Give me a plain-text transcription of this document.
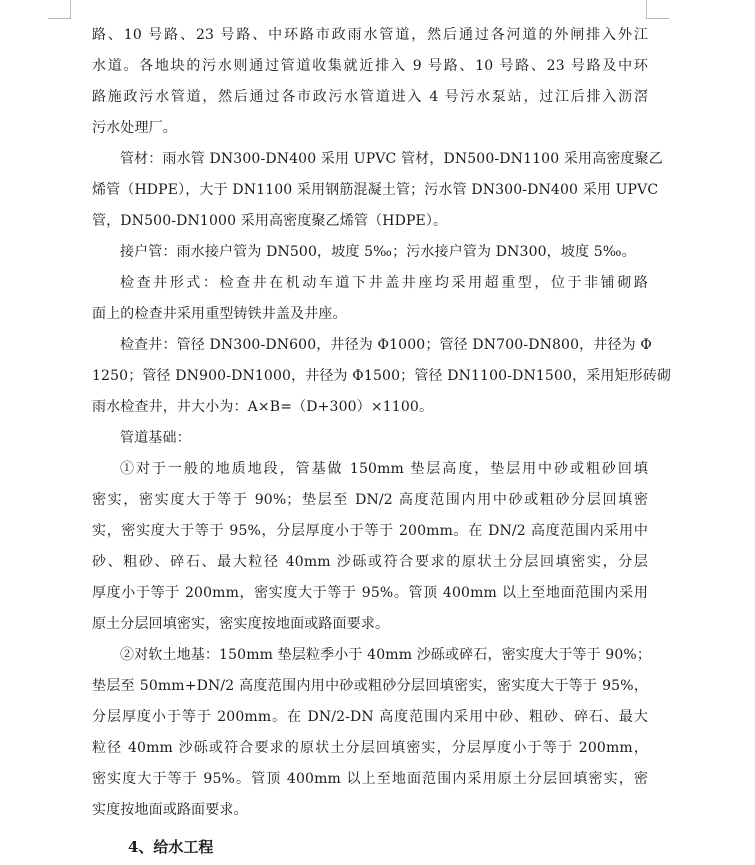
路、10 号路、23 号路、中环路市政雨水管道，然后通过各河道的外闸排入外江
水道。各地块的污水则通过管道收集就近排入 9 号路、10 号路、23 号路及中环
路施政污水管道，然后通过各市政污水管道进入 4 号污水泵站，过江后排入沥滘
污水处理厂。
管材：雨水管 DN300-DN400 采用 UPVC 管材，DN500-DN1100 采用高密度聚乙
烯管（HDPE），大于 DN1100 采用钢筋混凝土管；污水管 DN300-DN400 采用 UPVC
管，DN500-DN1000 采用高密度聚乙烯管（HDPE）。
接户管：雨水接户管为 DN500，坡度 5‰；污水接户管为 DN300，坡度 5‰。
检查井形式：检查井在机动车道下井盖井座均采用超重型，位于非铺砌路
面上的检查井采用重型铸铁井盖及井座。
检查井：管径 DN300-DN600，井径为 Φ1000；管径 DN700-DN800，井径为 Φ
1250；管径 DN900-DN1000，井径为 Φ1500；管径 DN1100-DN1500，采用矩形砖砌
雨水检查井，井大小为：A×B=（D+300）×1100。
管道基础：
①对于一般的地质地段，管基做 150mm 垫层高度，垫层用中砂或粗砂回填
密实，密实度大于等于 90%；垫层至 DN/2 高度范围内用中砂或粗砂分层回填密
实，密实度大于等于 95%，分层厚度小于等于 200mm。在 DN/2 高度范围内采用中
砂、粗砂、碎石、最大粒径 40mm 沙砾或符合要求的原状土分层回填密实，分层
厚度小于等于 200mm，密实度大于等于 95%。管顶 400mm 以上至地面范围内采用
原土分层回填密实，密实度按地面或路面要求。
②对软土地基：150mm 垫层粒季小于 40mm 沙砾或碎石，密实度大于等于 90%；
垫层至 50mm+DN/2 高度范围内用中砂或粗砂分层回填密实，密实度大于等于 95%，
分层厚度小于等于 200mm。在 DN/2-DN 高度范围内采用中砂、粗砂、碎石、最大
粒径 40mm 沙砾或符合要求的原状土分层回填密实，分层厚度小于等于 200mm，
密实度大于等于 95%。管顶 400mm 以上至地面范围内采用原土分层回填密实，密
实度按地面或路面要求。
4、给水工程
